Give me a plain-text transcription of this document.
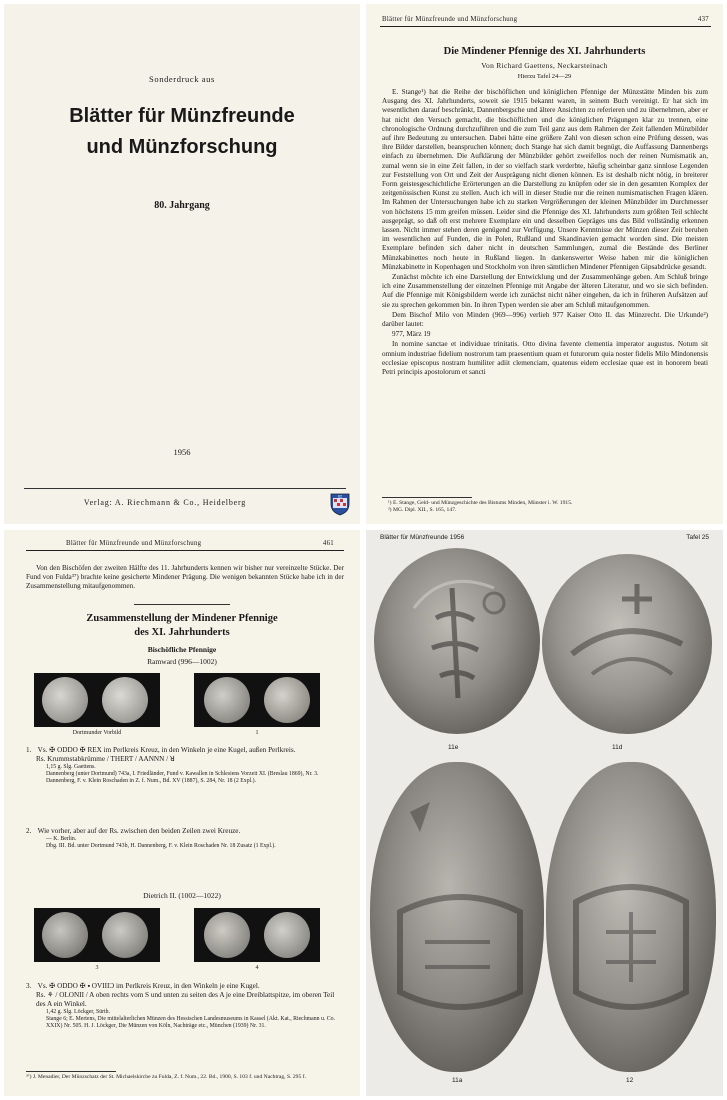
Sonderdruck aus
Blätter für Münzfreunde
und Münzforschung
80. Jahrgang
1956
Verlag: A. Riechmann & Co., Heidelberg
62
Blätter für Münzfreunde und Münzforschung	437
Die Mindener Pfennige des XI. Jahrhunderts
Von Richard Gaettens, Neckarsteinach
Hierzu Tafel 24—29

E. Stange¹) hat die Reihe der bischöflichen und königlichen Pfennige der Münzstätte Minden bis zum Ausgang des XI. Jahrhunderts, soweit sie 1915 bekannt waren, in seinem Buch vereinigt. Er hat sich im wesentlichen darauf beschränkt, Dannenbergsche und ältere Ansichten zu referieren und zu übernehmen, aber er hat nicht den Versuch gemacht, die bischöflichen und die königlichen Prägungen klar zu trennen, eine chronologische Ordnung durchzuführen und die zum Teil ganz aus dem Rahmen der Zeit fallenden Münzbilder auf ihre Bedeutung zu untersuchen. Dabei hätte eine größere Zahl von diesen schon eine Prüfung dessen, was ihre Bilder darstellen, beanspruchen können; doch Stange hat sich damit begnügt, die Auffassung Dannenbergs einfach zu übernehmen. Die Aufklärung der Münzbilder gehört zweifellos noch der reinen Numismatik an, zumal wenn sie in eine Zeit fallen, in der so vielfach stark verderbte, häufig scheinbar ganz sinnlose Legenden zur Feststellung von Ort und Zeit der Ausprägung nicht dienen können. Es ist deshalb nicht nötig, in breiterer Form geistesgeschichtliche Erörterungen an die Darstellung zu knüpfen oder sie in den gesamten Komplex der zeitgenössischen Kunst zu stellen. Auch ich will in dieser Studie nur die reinen numismatischen Fragen klären. Im Rahmen der Untersuchungen habe ich zu starken Vergrößerungen der kleinen Münzbilder im Durchmesser von höchstens 15 mm greifen müssen. Leider sind die Pfennige des XI. Jahrhunderts zum größten Teil schlecht ausgeprägt, so daß oft erst mehrere Exemplare ein und desselben Gepräges uns das Bild vollständig erkennen lassen. Nicht immer stehen deren genügend zur Verfügung. Unsere Kenntnisse der Münzen dieser Zeit beruhen im wesentlichen auf Funden, die in Polen, Rußland und Skandinavien gemacht worden sind. Die meisten Exemplare befinden sich daher nicht in deutschen Sammlungen, zumal die Bestände des Berliner Münzkabinettes noch heute in Rußland liegen. In dankenswerter Weise haben mir die königlichen Münzkabinette in Kopenhagen und Stockholm von ihren sämtlichen Mindener Pfennigen Gipsabdrücke gesandt.

Zunächst möchte ich eine Darstellung der Entwicklung und der Zusammenhänge geben. Am Schluß bringe ich eine Zusammenstellung der einzelnen Pfennige mit Angabe der älteren Literatur, und wo sie sich befinden. Auf die Pfennige mit Königsbildern werde ich zunächst nicht näher eingehen, da ich in früheren Aufsätzen auf sie zu sprechen gekommen bin. In ihren Typen werden sie aber am Schluß mitaufgenommen.

Dem Bischof Milo von Minden (969—996) verlieh 977 Kaiser Otto II. das Münzrecht. Die Urkunde²) darüber lautet:

977, März 19

In nomine sanctae et individuae trinitatis. Otto divina favente clementia imperator augustus. Notum sit omnium industriae fidelium nostrorum tam praesentium quam et futurorum quia noster fidelis Milo Mindonensis ecclesiae episcopus nostram humiliter adiit clemenciam, quatenus eidem ecclesiae quae est in honorem beati Petri principis apostolorum et sancti

¹) E. Stange, Geld- und Münzgeschichte des Bistums Minden, Münster i. W. 1915.
²) MG. Dipl. XII., S. 165, 147.
Blätter für Münzfreunde und Münzforschung	461

Von den Bischöfen der zweiten Hälfte des 11. Jahrhunderts kennen wir bisher nur vereinzelte Stücke. Der Fund von Fulda³⁷) brachte keine gesicherte Mindener Prägung. Die wenigen bekannten Stücke habe ich in der Zusammenstellung mitaufgenommen.

Zusammenstellung der Mindener Pfennige
des XI. Jahrhunderts
Bischöfliche Pfennige
Ramward (996—1002)
Dortmunder Vorbild	1
1. Vs. ✠ ODDO ✠ REX im Perlkreis Kreuz, in den Winkeln je eine Kugel, außen Perlkreis.
Rs. Krummstabkrümme / THERT / AANNN / ꓤ
1,15 g. Slg. Gaettens.
Dannenberg (unter Dortmund) 743a, I. Friedländer, Fund v. Kawallen in Schlesiens Vorzeit XI. (Breslau 1869), Nr. 3. Dannenberg, F. v. Klein Roschaden in Z. f. Num., Bd. XV (1887), S. 284, Nr. 18 (2 Expl.).
2. Wie vorher, aber auf der Rs. zwischen den beiden Zeilen zwei Kreuze.
— K. Berlin.
Dbg. III. Bd. unter Dortmund 743b, H. Dannenberg, F. v. Klein Roschaden Nr. 18 Zusatz (1 Expl.).
Dietrich II. (1002—1022)
3	4
3. Vs. ✠ ODDO ✠ ▪ OVIIIƆ im Perlkreis Kreuz, in den Winkeln je eine Kugel.
Rs. ⚘ / OLONII / A oben rechts vom S und unten zu seiten des A je eine Dreiblattspitze, im oberen Teil des A ein Winkel.
1,42 g. Slg. Löckger, Sürth.
Stange 6; E. Mertens, Die mittelalterlichen Münzen des Hessischen Landesmuseums in Kassel (Akt. Kat., Riechmann u. Co. XXIX) Nr. 505. H. J. Löckger, Die Münzen von Köln, Nachträge etc., München (1939) Nr. 31.
³⁷) J. Menadier, Der Münzschatz der St. Michaelskirche zu Fulda, Z. f. Num., 22. Bd., 1900, S. 103 f. und Nachtrag, S. 295 f.
Blätter für Münzfreunde 1956	Tafel 25
11e	11d
11a	12
